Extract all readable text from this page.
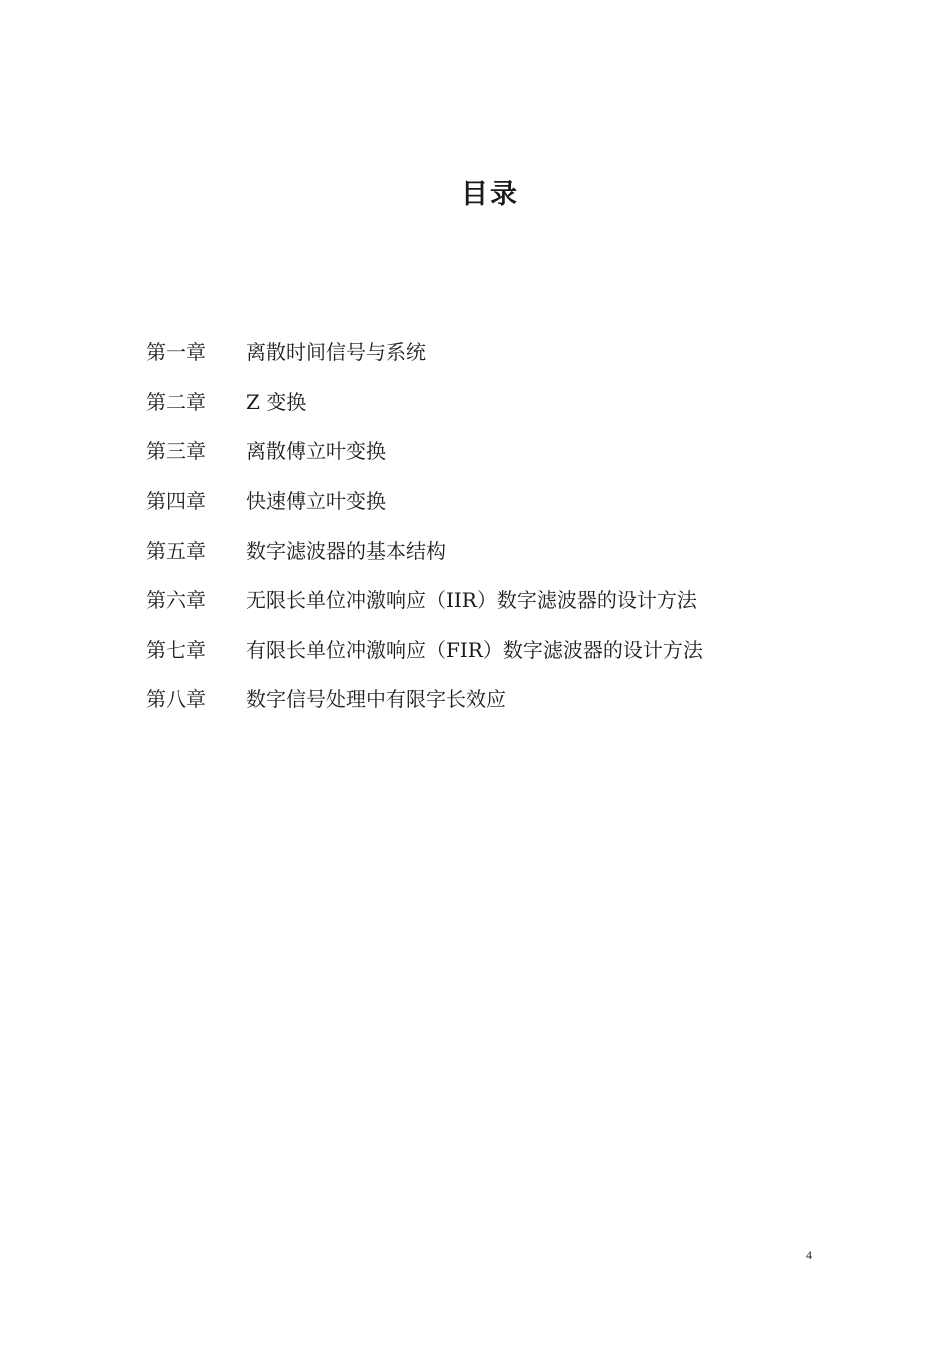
目录
第一章	离散时间信号与系统
第二章	Z 变换
第三章	离散傅立叶变换
第四章	快速傅立叶变换
第五章	数字滤波器的基本结构
第六章	无限长单位冲激响应（IIR）数字滤波器的设计方法
第七章	有限长单位冲激响应（FIR）数字滤波器的设计方法
第八章	数字信号处理中有限字长效应
4
